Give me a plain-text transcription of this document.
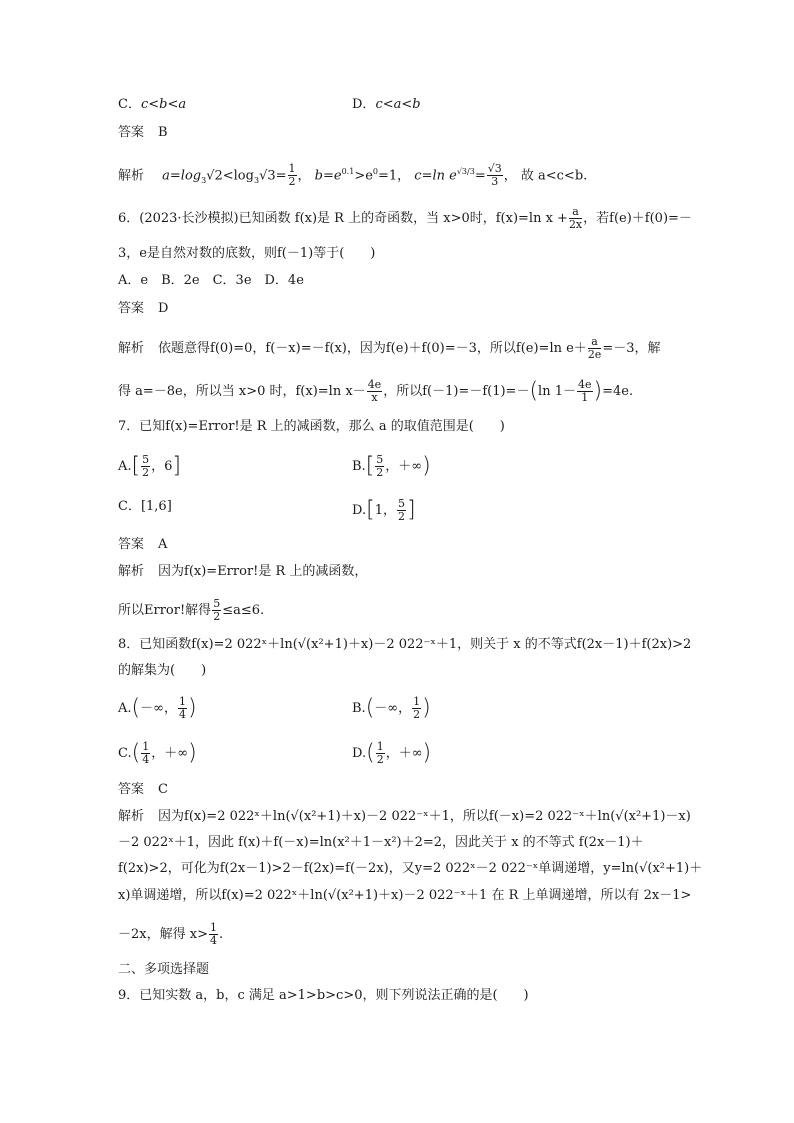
C．c<b<a	D．c<a<b
答案 B
解析 $a=\log_3√2<\log_3√3= \frac{1}{2}$ ， $b=e^{0.1}>e^0=1$， c=ln $e^{√3/3}= \frac{√3}{3}$ ， 故 a<c<b.
6．(2023·长沙模拟)已知函数 f(x)是 R 上的奇函数，当 x>0时，f(x)=ln $x + \frac{a}{2x}$ ，若f(e)＋f(0)=－
3，e是自然对数的底数，则f(－1)等于(　　)
A．e　B．2e　C．3e　D．4e
答案 D
解析 依题意得f(0)=0，f(－x)=－f(x)，因为f(e)＋f(0)=－3，所以f(e)=ln $e+ \frac{a}{2e} =-3$，解
得 a=－8e，所以当 x>0 时，f(x)=ln $x- \frac{4e}{x}$ ，所以f(－1)=－f(1)=－(ln $1- \frac{4e}{1} )=4e$.
7．已知f(x)=Error!是 R 上的减函数，那么 a 的取值范围是(　　)
$A.[ \frac{5}{2}$ ，6]	$B.[ \frac{5}{2}$ ，＋∞)
C．[1,6]	D.[1， $\frac{5}{2}$ ]
答案 A
解析 因为f(x)=Error!是 R 上的减函数，
所以Error!解得 $\frac{5}{2} \le a\le 6$.
8．已知函数f(x)=2 022ˣ＋ln(√(x²+1)＋x)－2 022⁻ˣ＋1，则关于 x 的不等式f(2x－1)＋f(2x)>2
的解集为(　　)
A.(－∞， $\frac{1}{4}$ )	B.(－∞， $\frac{1}{2}$ )
$C.( \frac{1}{4}$ ，＋∞)	$D.( \frac{1}{2}$ ，＋∞)
答案 C
解析 因为f(x)=2 022ˣ＋ln(√(x²+1)＋x)－2 022⁻ˣ＋1，所以f(－x)=2 022⁻ˣ＋ln(√(x²+1)－x)
－2 022ˣ＋1，因此 f(x)＋f(－x)=ln(x²＋1－x²)＋2=2，因此关于 x 的不等式 f(2x－1)＋
f(2x)>2，可化为f(2x－1)>2－f(2x)=f(－2x)，又y=2 022ˣ－2 022⁻ˣ单调递增，y=ln(√(x²+1)＋
x)单调递增，所以f(x)=2 022ˣ＋ln(√(x²+1)＋x)－2 022⁻ˣ＋1 在 R 上单调递增，所以有 2x－1>
－2x，解得 $x> \frac{1}{4}$ .
二、多项选择题
9．已知实数 a，b，c 满足 a>1>b>c>0，则下列说法正确的是(　　)
